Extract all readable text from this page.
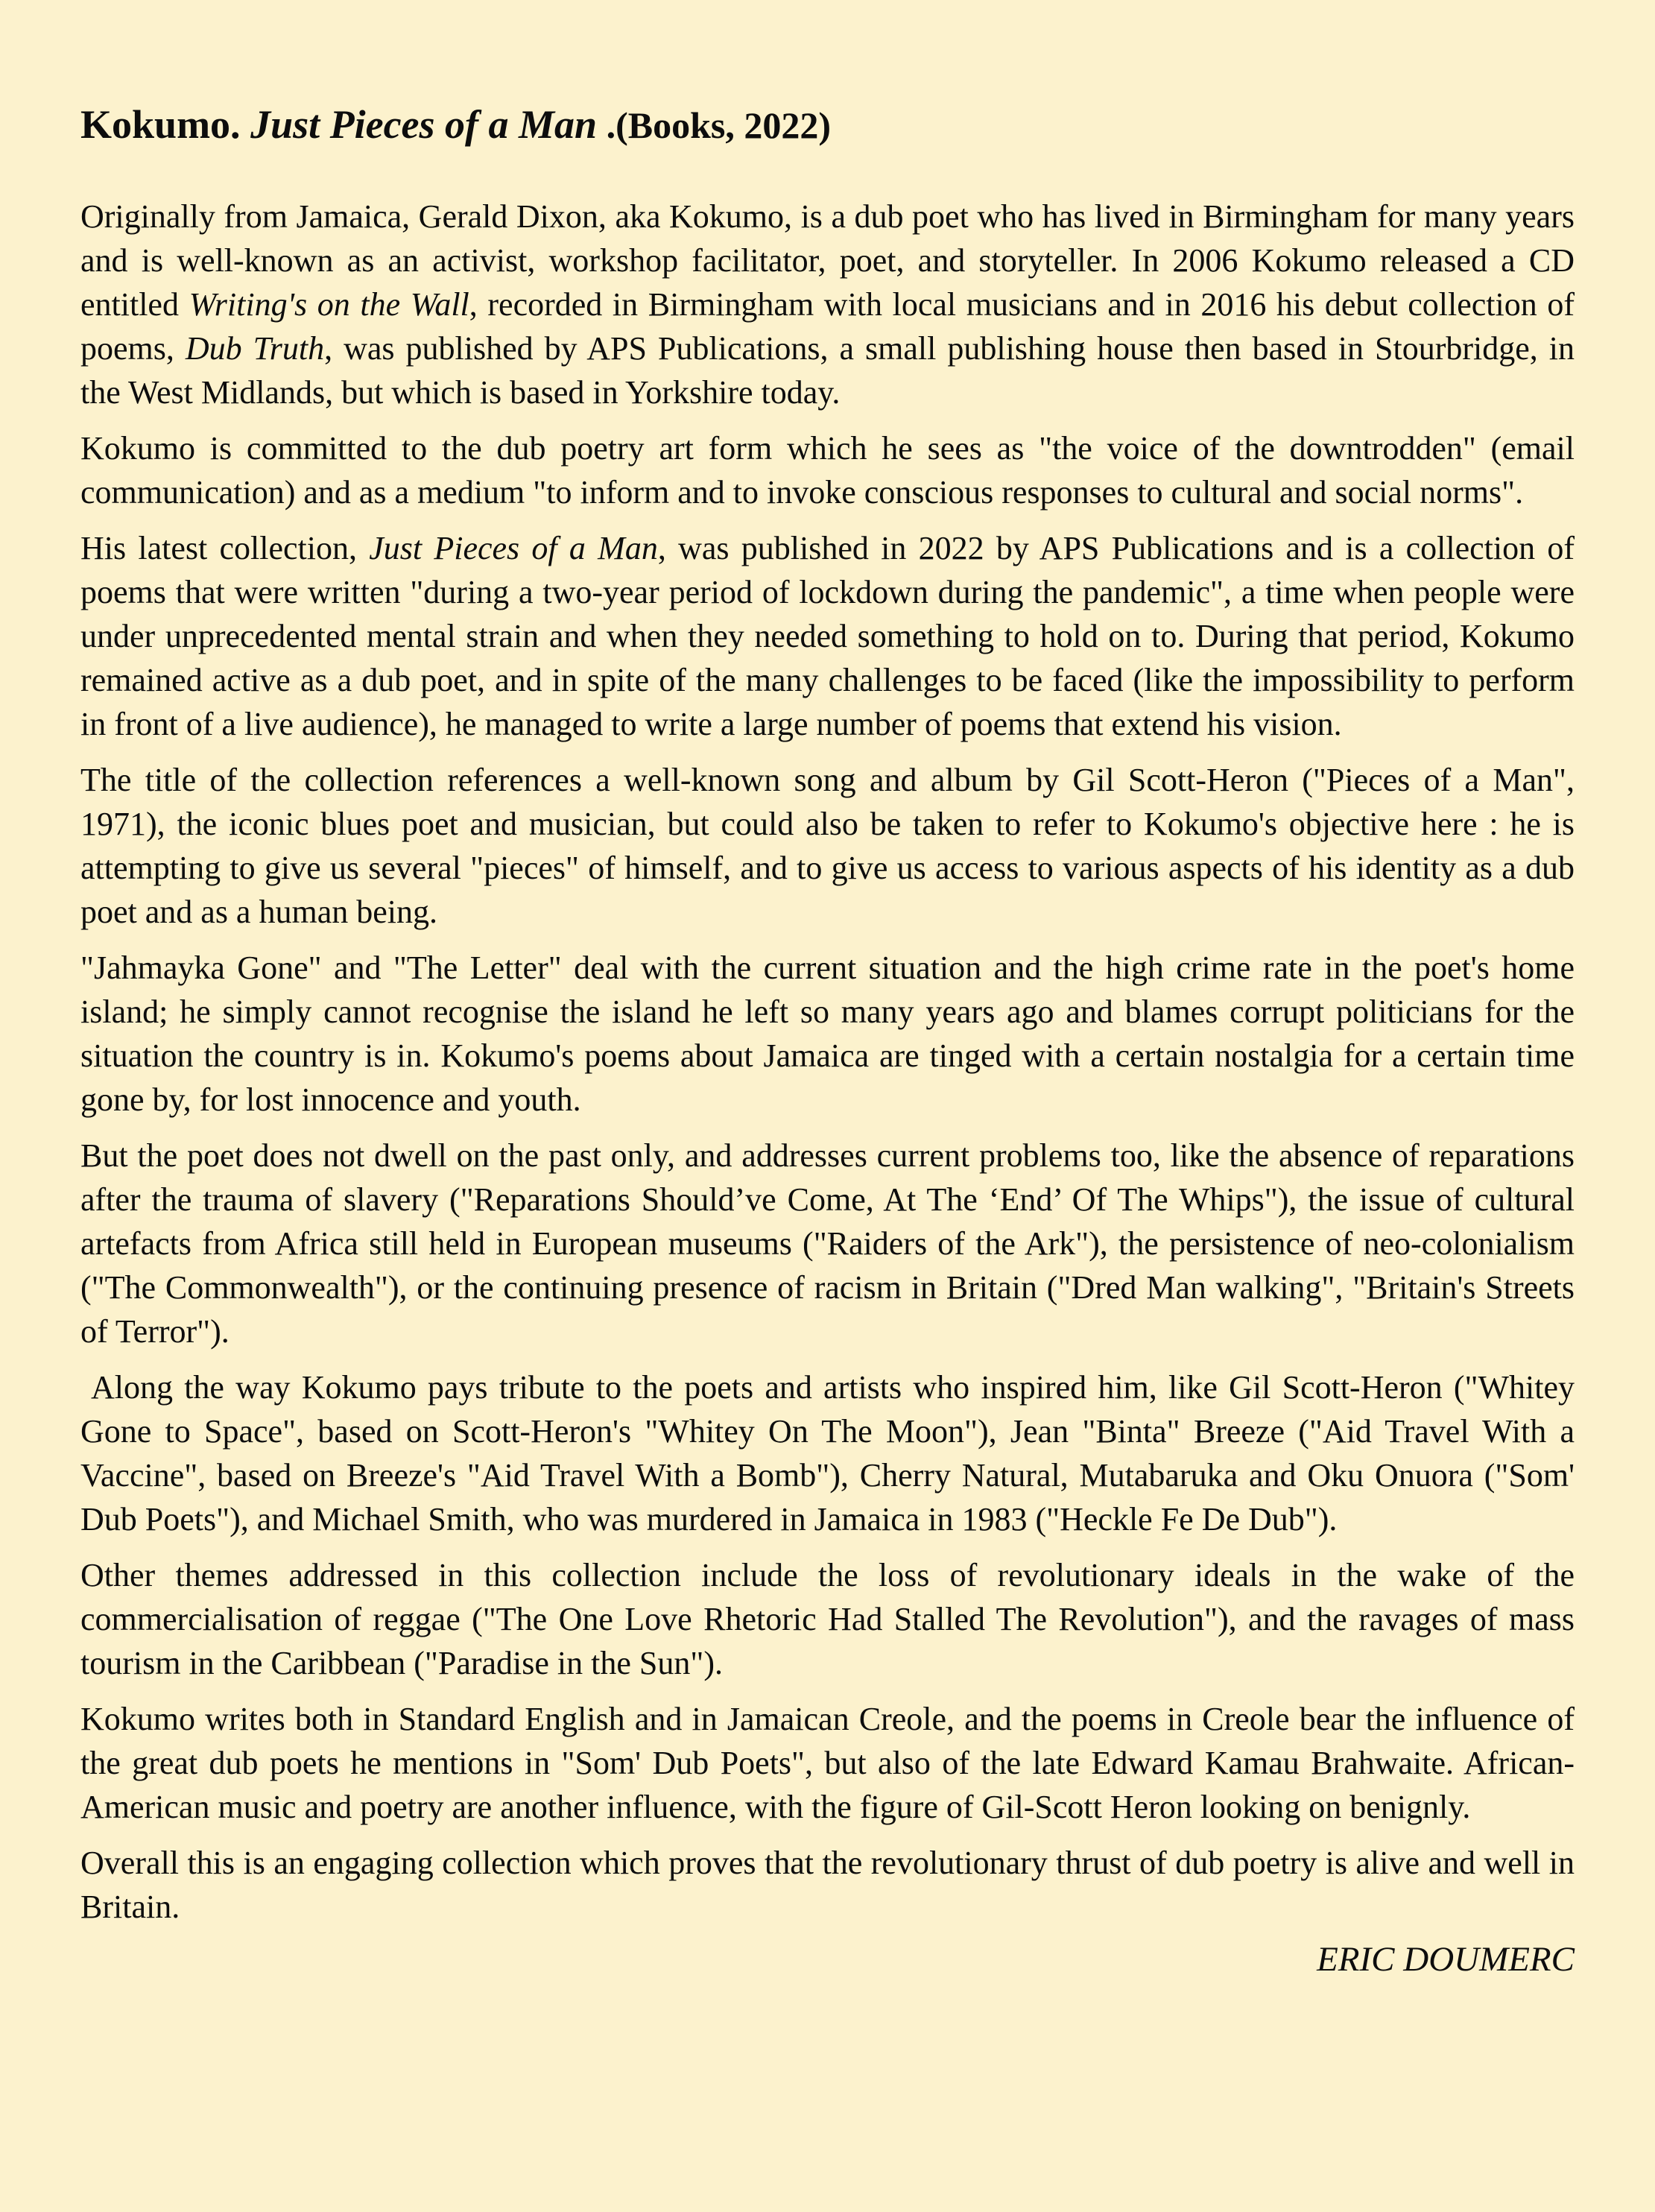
Kokumo. Just Pieces of a Man .(Books, 2022)

Originally from Jamaica, Gerald Dixon, aka Kokumo, is a dub poet who has lived in Birmingham for many years and is well-known as an activist, workshop facilitator, poet, and storyteller. In 2006 Kokumo released a CD entitled Writing's on the Wall, recorded in Birmingham with local musicians and in 2016 his debut collection of poems, Dub Truth, was published by APS Publications, a small publishing house then based in Stourbridge, in the West Midlands, but which is based in Yorkshire today.

Kokumo is committed to the dub poetry art form which he sees as "the voice of the downtrodden" (email communication) and as a medium "to inform and to invoke conscious responses to cultural and social norms".

His latest collection, Just Pieces of a Man, was published in 2022 by APS Publications and is a collection of poems that were written "during a two-year period of lockdown during the pandemic", a time when people were under unprecedented mental strain and when they needed something to hold on to. During that period, Kokumo remained active as a dub poet, and in spite of the many challenges to be faced (like the impossibility to perform in front of a live audience), he managed to write a large number of poems that extend his vision.

The title of the collection references a well-known song and album by Gil Scott-Heron ("Pieces of a Man", 1971), the iconic blues poet and musician, but could also be taken to refer to Kokumo's objective here : he is attempting to give us several "pieces" of himself, and to give us access to various aspects of his identity as a dub poet and as a human being.

"Jahmayka Gone" and "The Letter" deal with the current situation and the high crime rate in the poet's home island; he simply cannot recognise the island he left so many years ago and blames corrupt politicians for the situation the country is in. Kokumo's poems about Jamaica are tinged with a certain nostalgia for a certain time gone by, for lost innocence and youth.

But the poet does not dwell on the past only, and addresses current problems too, like the absence of reparations after the trauma of slavery ("Reparations Should’ve Come, At The ‘End’ Of The Whips"), the issue of cultural artefacts from Africa still held in European museums ("Raiders of the Ark"), the persistence of neo-colonialism ("The Commonwealth"), or the continuing presence of racism in Britain ("Dred Man walking", "Britain's Streets of Terror").

Along the way Kokumo pays tribute to the poets and artists who inspired him, like Gil Scott-Heron ("Whitey Gone to Space", based on Scott-Heron's "Whitey On The Moon"), Jean "Binta" Breeze ("Aid Travel With a Vaccine", based on Breeze's "Aid Travel With a Bomb"), Cherry Natural, Mutabaruka and Oku Onuora ("Som' Dub Poets"), and Michael Smith, who was murdered in Jamaica in 1983 ("Heckle Fe De Dub").

Other themes addressed in this collection include the loss of revolutionary ideals in the wake of the commercialisation of reggae ("The One Love Rhetoric Had Stalled The Revolution"), and the ravages of mass tourism in the Caribbean ("Paradise in the Sun").

Kokumo writes both in Standard English and in Jamaican Creole, and the poems in Creole bear the influence of the great dub poets he mentions in "Som' Dub Poets", but also of the late Edward Kamau Brahwaite. African-American music and poetry are another influence, with the figure of Gil-Scott Heron looking on benignly.

Overall this is an engaging collection which proves that the revolutionary thrust of dub poetry is alive and well in Britain.

ERIC DOUMERC
